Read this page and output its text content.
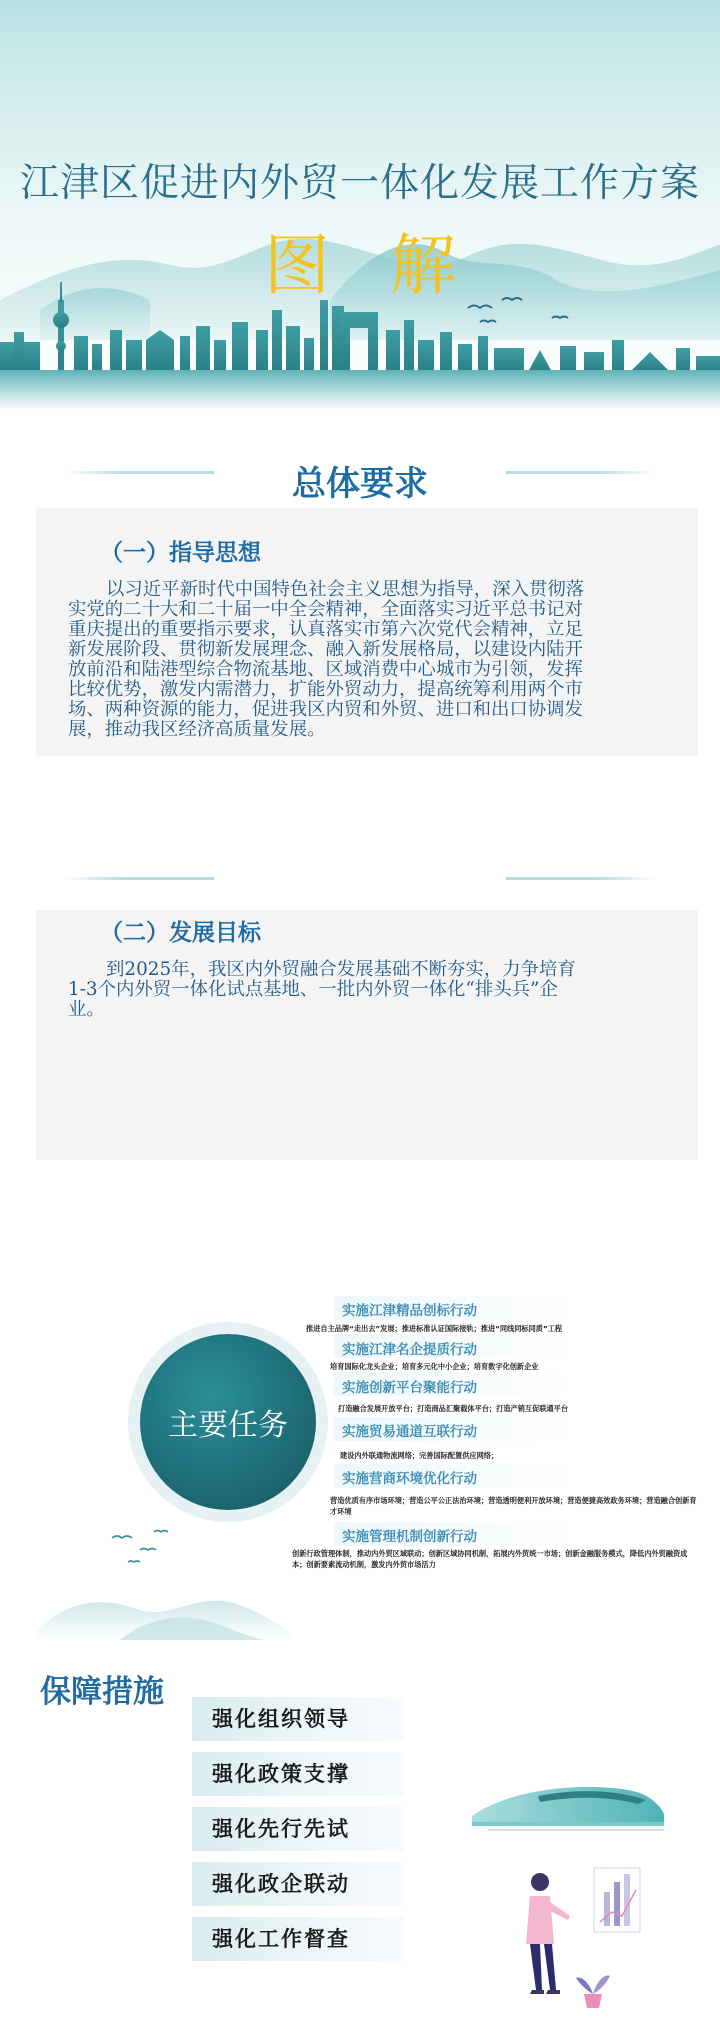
江津区促进内外贸一体化发展工作方案
图解
总体要求
（一）指导思想
以习近平新时代中国特色社会主义思想为指导，深入贯彻落
实党的二十大和二十届一中全会精神，全面落实习近平总书记对
重庆提出的重要指示要求，认真落实市第六次党代会精神，立足
新发展阶段、贯彻新发展理念、融入新发展格局，以建设内陆开
放前沿和陆港型综合物流基地、区域消费中心城市为引领，发挥
比较优势，激发内需潜力，扩能外贸动力，提高统筹利用两个市
场、两种资源的能力，促进我区内贸和外贸、进口和出口协调发
展，推动我区经济高质量发展。
（二）发展目标
到2025年，我区内外贸融合发展基础不断夯实，力争培育
1-3个内外贸一体化试点基地、一批内外贸一体化“排头兵”企
业。
主要任务
实施江津精品创标行动
推进自主品牌“走出去”发展；推进标准认证国际接轨；推进“同线同标同质”工程
实施江津名企提质行动
培育国际化龙头企业；培育多元化中小企业；培育数字化创新企业
实施创新平台聚能行动
打造融合发展开放平台；打造商品汇聚载体平台；打造产销互促联通平台
实施贸易通道互联行动
建设内外联通物流网络；完善国际配置供应网络；
实施营商环境优化行动
营造优质有序市场环境；营造公平公正法治环境；营造透明便利开放环境；营造便捷高效政务环境；营造融合创新育才环境
实施管理机制创新行动
创新行政管理体制，推动内外贸区域联动；创新区域协同机制，拓展内外贸统一市场；创新金融服务模式，降低内外贸融资成本；创新要素流动机制，激发内外贸市场活力
保障措施
强化组织领导
强化政策支撑
强化先行先试
强化政企联动
强化工作督查
